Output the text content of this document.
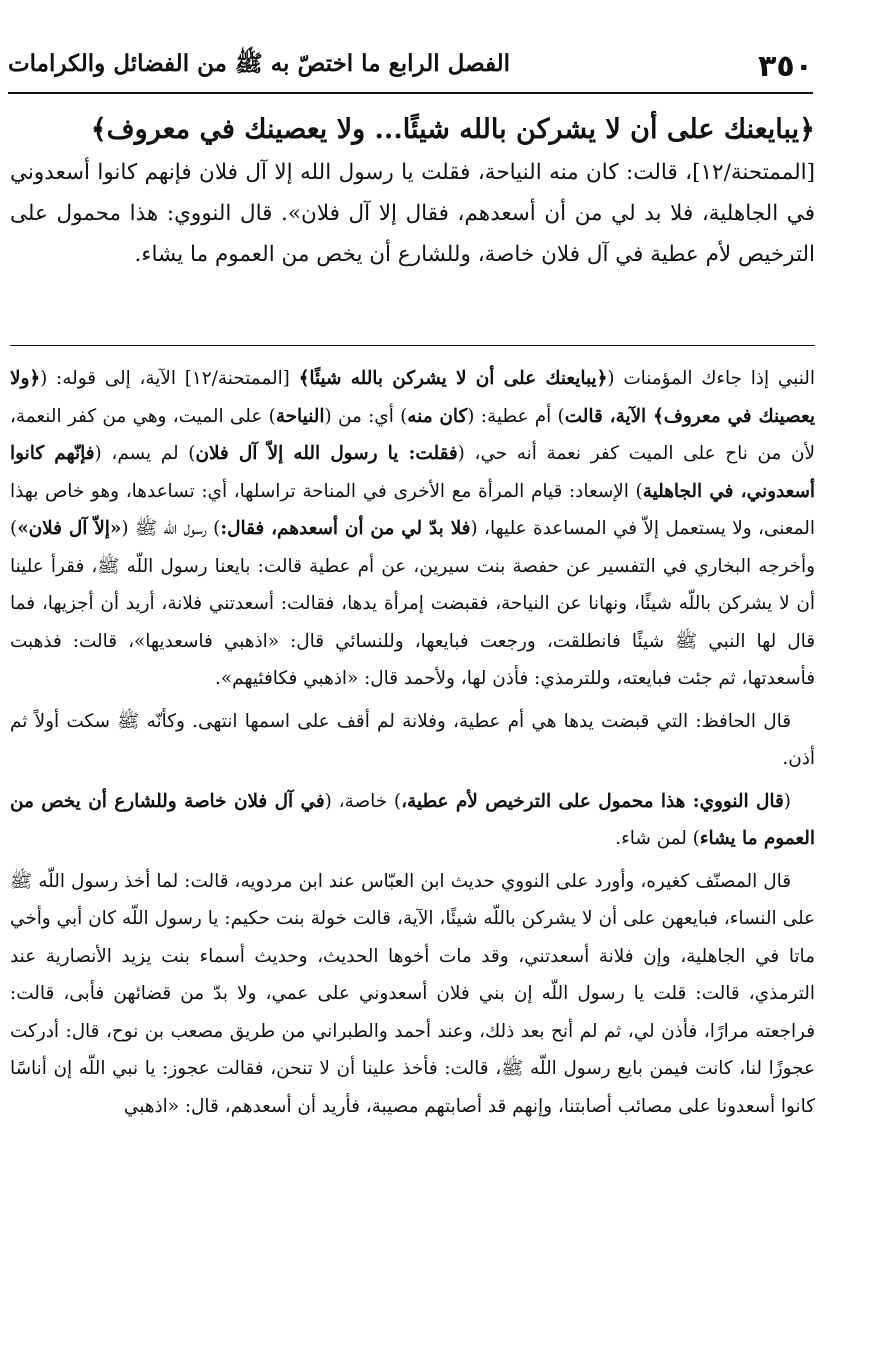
٣٥٠
الفصل الرابع ما اختصّ به ﷺ من الفضائل والكرامات

﴿يبايعنك على أن لا يشركن بالله شيئًا... ولا يعصينك في معروف﴾

[الممتحنة/١٢]، قالت: كان منه النياحة، فقلت يا رسول الله إلا آل فلان فإنهم كانوا أسعدوني في الجاهلية، فلا بد لي من أن أسعدهم، فقال إلا آل فلان». قال النووي: هذا محمول على الترخيص لأم عطية في آل فلان خاصة، وللشارع أن يخص من العموم ما يشاء.

النبي إذا جاءك المؤمنات (﴿يبايعنك على أن لا يشركن بالله شيئًا﴾ [الممتحنة/١٢] الآية، إلى قوله: (﴿ولا يعصينك في معروف﴾ الآية، قالت) أم عطية: (كان منه) أي: من (النياحة) على الميت، وهي من كفر النعمة، لأن من ناح على الميت كفر نعمة أنه حي، (فقلت: يا رسول الله إلاّ آل فلان) لم يسم، (فإنّهم كانوا أسعدوني، في الجاهلية) الإسعاد: قيام المرأة مع الأخرى في المناحة تراسلها، أي: تساعدها، وهو خاص بهذا المعنى، ولا يستعمل إلاّ في المساعدة عليها، (فلا بدّ لي من أن أسعدهم، فقال:) رسول اللّه ﷺ («إلاّ آل فلان») وأخرجه البخاري في التفسير عن حفصة بنت سيرين، عن أم عطية قالت: بايعنا رسول اللّه ﷺ، فقرأ علينا أن لا يشركن باللّه شيئًا، ونهانا عن النياحة، فقبضت إمرأة يدها، فقالت: أسعدتني فلانة، أريد أن أجزيها، فما قال لها النبي ﷺ شيئًا فانطلقت، ورجعت فبايعها، وللنسائي قال: «اذهبي فاسعديها»، قالت: فذهبت فأسعدتها، ثم جئت فبايعته، وللترمذي: فأذن لها، ولأحمد قال: «اذهبي فكافئيهم».

قال الحافظ: التي قبضت يدها هي أم عطية، وفلانة لم أقف على اسمها انتهى. وكأنّه ﷺ سكت أولاً ثم أذن.

(قال النووي: هذا محمول على الترخيص لأم عطية،) خاصة، (في آل فلان خاصة وللشارع أن يخص من العموم ما يشاء) لمن شاء.

قال المصنّف كغيره، وأورد على النووي حديث ابن العبّاس عند ابن مردويه، قالت: لما أخذ رسول اللّه ﷺ على النساء، فبايعهن على أن لا يشركن باللّه شيئًا، الآية، قالت خولة بنت حكيم: يا رسول اللّه كان أبي وأخي ماتا في الجاهلية، وإن فلانة أسعدتني، وقد مات أخوها الحديث، وحديث أسماء بنت يزيد الأنصارية عند الترمذي، قالت: قلت يا رسول اللّه إن بني فلان أسعدوني على عمي، ولا بدّ من قضائهن فأبى، قالت: فراجعته مرارًا، فأذن لي، ثم لم أنح بعد ذلك، وعند أحمد والطبراني من طريق مصعب بن نوح، قال: أدركت عجوزًا لنا، كانت فيمن بايع رسول اللّه ﷺ، قالت: فأخذ علينا أن لا تنحن، فقالت عجوز: يا نبي اللّه إن أناسًا كانوا أسعدونا على مصائب أصابتنا، وإنهم قد أصابتهم مصيبة، فأريد أن أسعدهم، قال: «اذهبي
